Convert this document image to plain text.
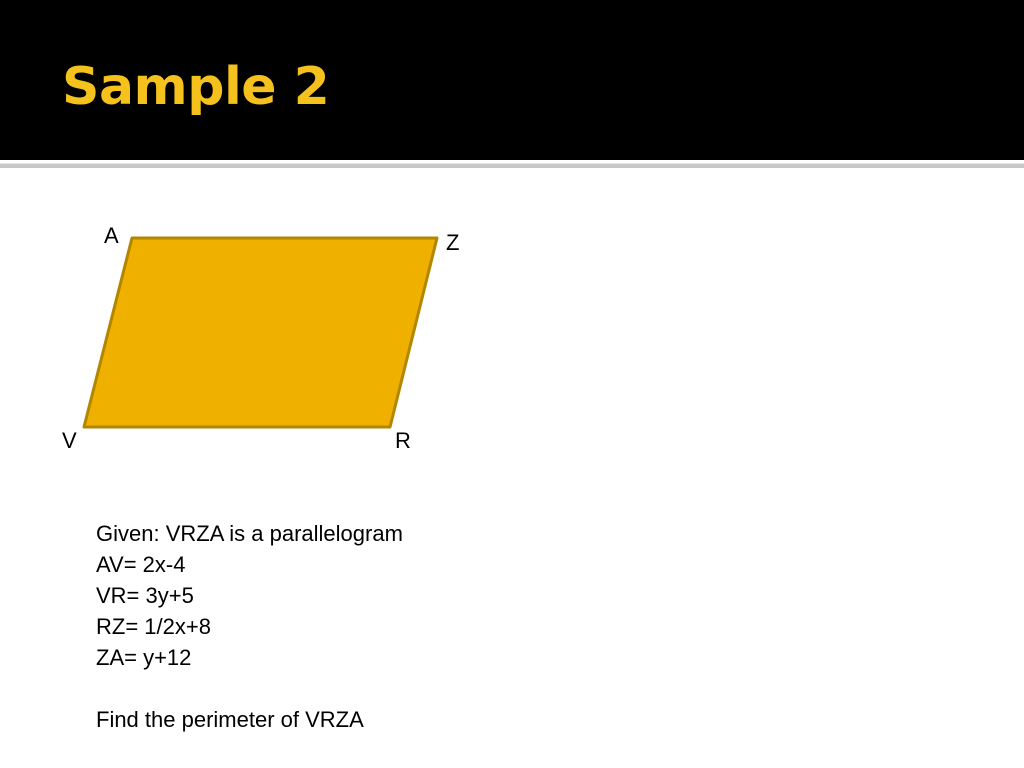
Sample 2
A	Z
V	R
Given: VRZA is a parallelogram
AV= 2x-4
VR= 3y+5
RZ= 1/2x+8
ZA= y+12
Find the perimeter of VRZA
